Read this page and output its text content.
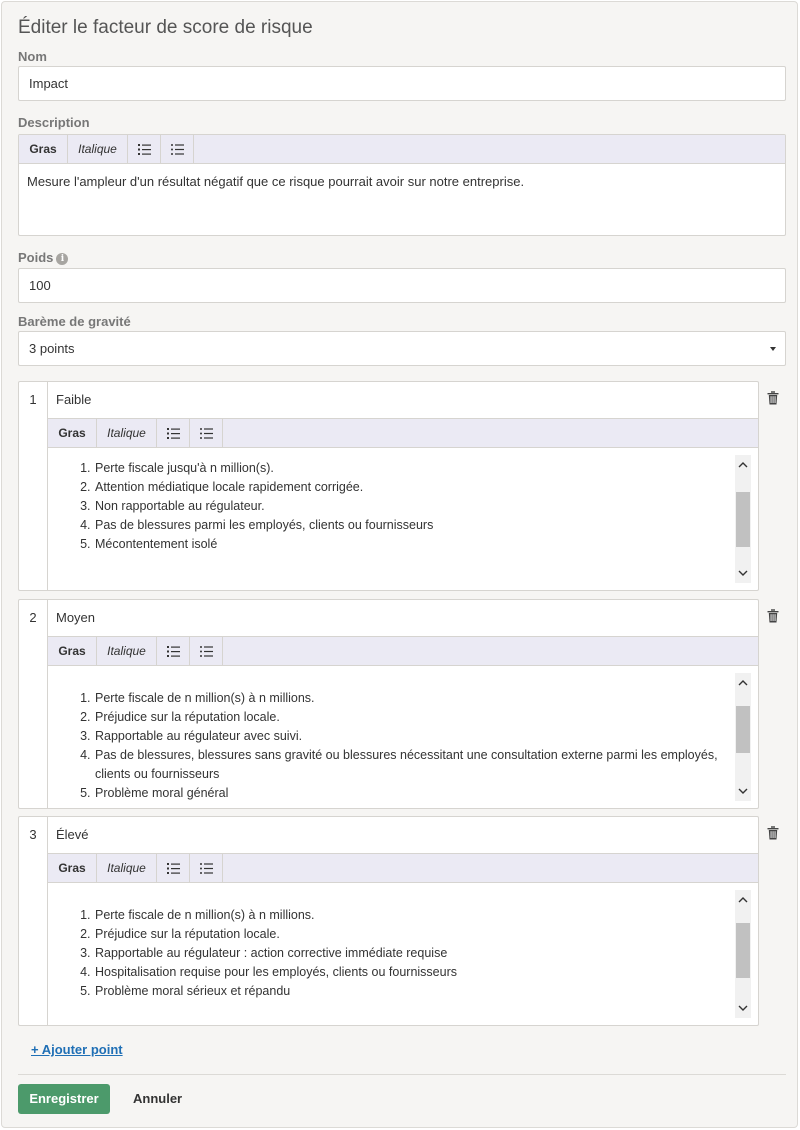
Éditer le facteur de score de risque
Nom
Impact
Description
Gras	Italique
Mesure l'ampleur d'un résultat négatif que ce risque pourrait avoir sur notre entreprise.
Poids i
100
Barème de gravité
3 points
1	Faible
Gras	Italique
1. Perte fiscale jusqu'à n million(s).
2. Attention médiatique locale rapidement corrigée.
3. Non rapportable au régulateur.
4. Pas de blessures parmi les employés, clients ou fournisseurs
5. Mécontentement isolé
2	Moyen
Gras	Italique
1. Perte fiscale de n million(s) à n millions.
2. Préjudice sur la réputation locale.
3. Rapportable au régulateur avec suivi.
4. Pas de blessures, blessures sans gravité ou blessures nécessitant une consultation externe parmi les employés, clients ou fournisseurs
5. Problème moral général
3	Élevé
Gras	Italique
1. Perte fiscale de n million(s) à n millions.
2. Préjudice sur la réputation locale.
3. Rapportable au régulateur : action corrective immédiate requise
4. Hospitalisation requise pour les employés, clients ou fournisseurs
5. Problème moral sérieux et répandu
+ Ajouter point
Enregistrer	Annuler
